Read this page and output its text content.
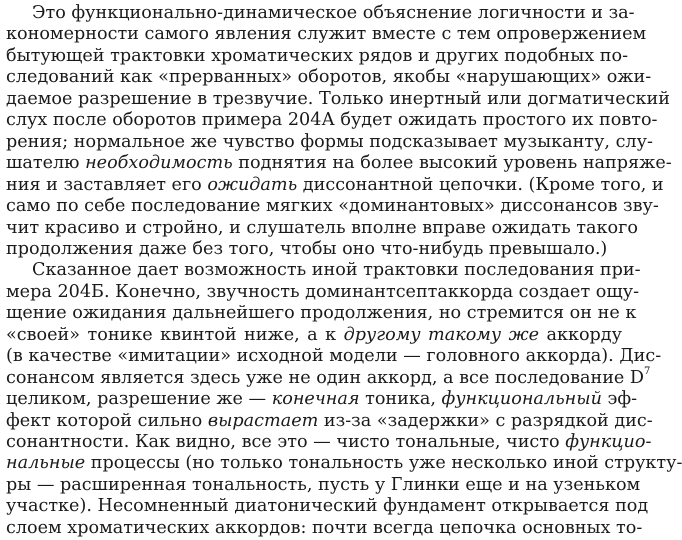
Это функционально-динамическое объяснение логичности и за-
кономерности самого явления служит вместе с тем опровержением
бытующей трактовки хроматических рядов и других подобных по-
следований как «прерванных» оборотов, якобы «нарушающих» ожи-
даемое разрешение в трезвучие. Только инертный или догматический
слух после оборотов примера 204А будет ожидать простого их повто-
рения; нормальное же чувство формы подсказывает музыканту, слу-
шателю необходимость поднятия на более высокий уровень напряже-
ния и заставляет его ожидать диссонантной цепочки. (Кроме того, и
само по себе последование мягких «доминантовых» диссонансов зву-
чит красиво и стройно, и слушатель вполне вправе ожидать такого
продолжения даже без того, чтобы оно что-нибудь превышало.)
Сказанное дает возможность иной трактовки последования при-
мера 204Б. Конечно, звучность доминантсептаккорда создает ощу-
щение ожидания дальнейшего продолжения, но стремится он не к
«своей» тонике квинтой ниже, а к другому такому же аккорду
(в качестве «имитации» исходной модели — головного аккорда). Дис-
сонансом является здесь уже не один аккорд, а все последование $D^7$
целиком, разрешение же — конечная тоника, функциональный эф-
фект которой сильно вырастает из-за «задержки» с разрядкой дис-
сонантности. Как видно, все это — чисто тональные, чисто функцио-
нальные процессы (но только тональность уже несколько иной структу-
ры — расширенная тональность, пусть у Глинки еще и на узеньком
участке). Несомненный диатонический фундамент открывается под
слоем хроматических аккордов: почти всегда цепочка основных то-
